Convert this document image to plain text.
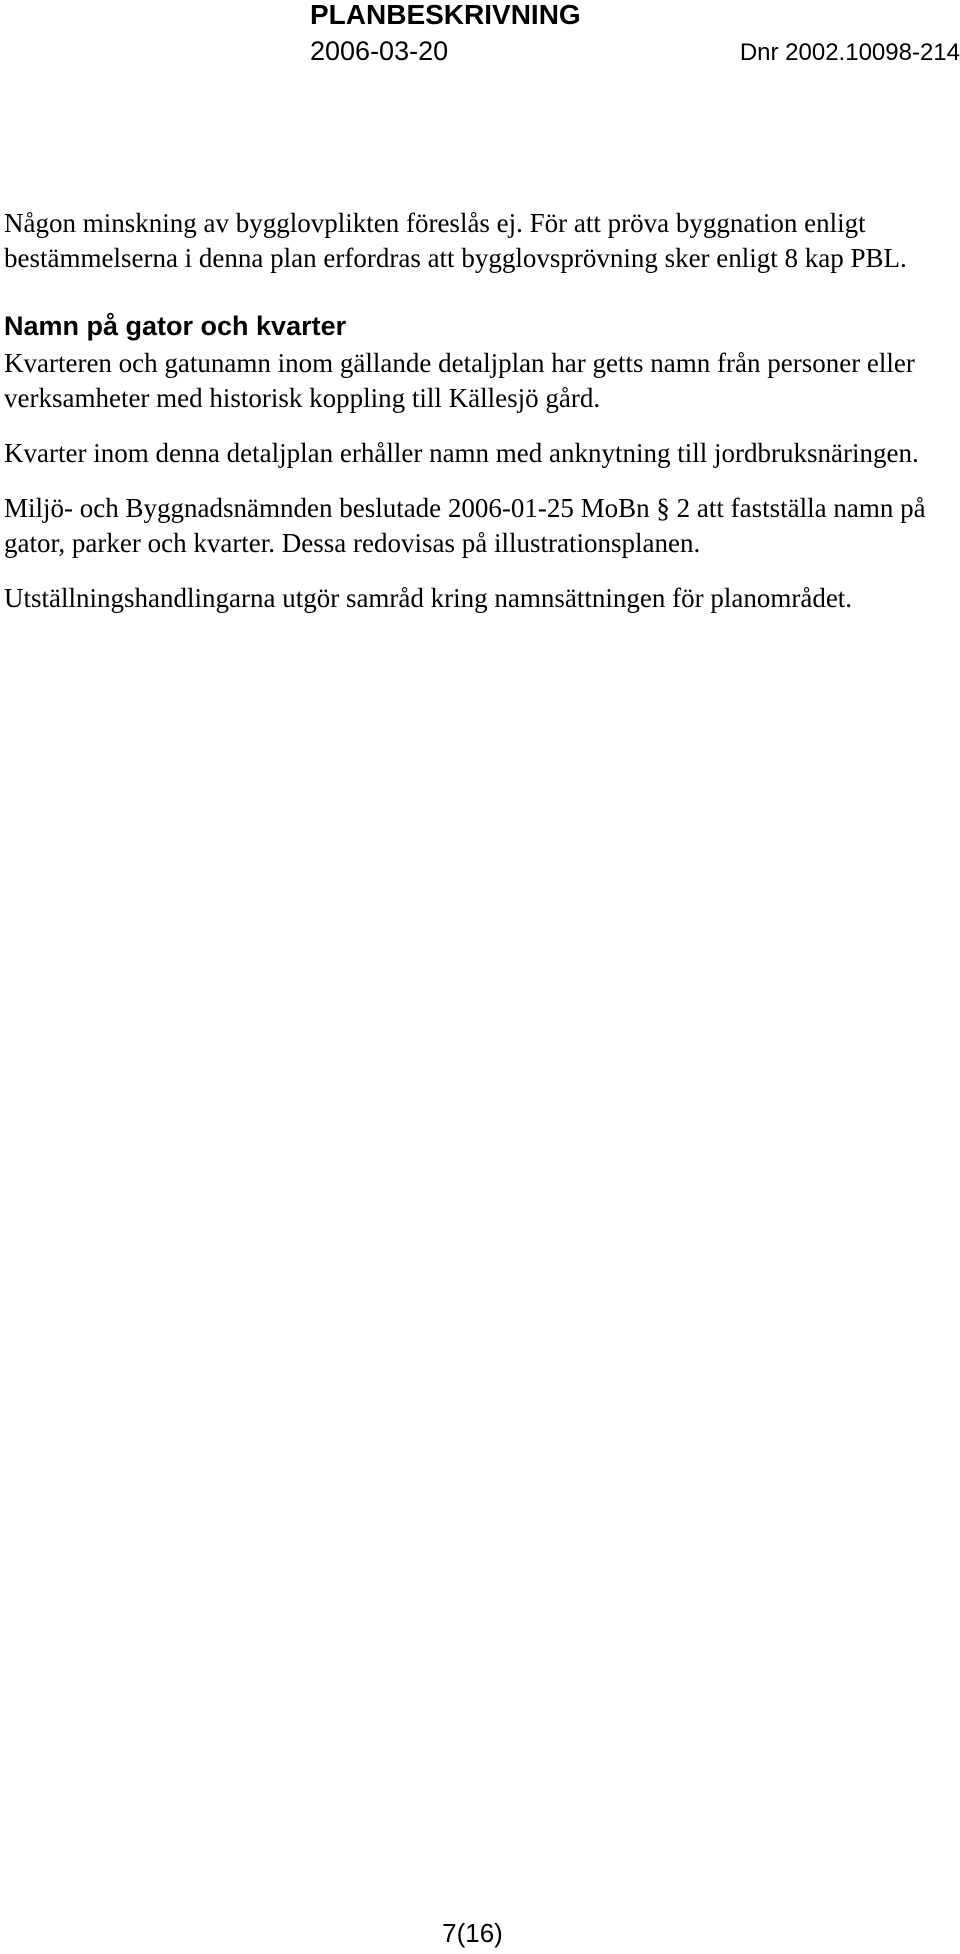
PLANBESKRIVNING
2006-03-20	Dnr 2002.10098-214

Någon minskning av bygglovplikten föreslås ej. För att pröva byggnation enligt bestämmelserna i denna plan erfordras att bygglovsprövning sker enligt 8 kap PBL.

Namn på gator och kvarter

Kvarteren och gatunamn inom gällande detaljplan har getts namn från personer eller verksamheter med historisk koppling till Källesjö gård.

Kvarter inom denna detaljplan erhåller namn med anknytning till jordbruksnäringen.

Miljö- och Byggnadsnämnden beslutade 2006-01-25 MoBn § 2 att fastställa namn på gator, parker och kvarter. Dessa redovisas på illustrationsplanen.

Utställningshandlingarna utgör samråd kring namnsättningen för planområdet.

7(16)
